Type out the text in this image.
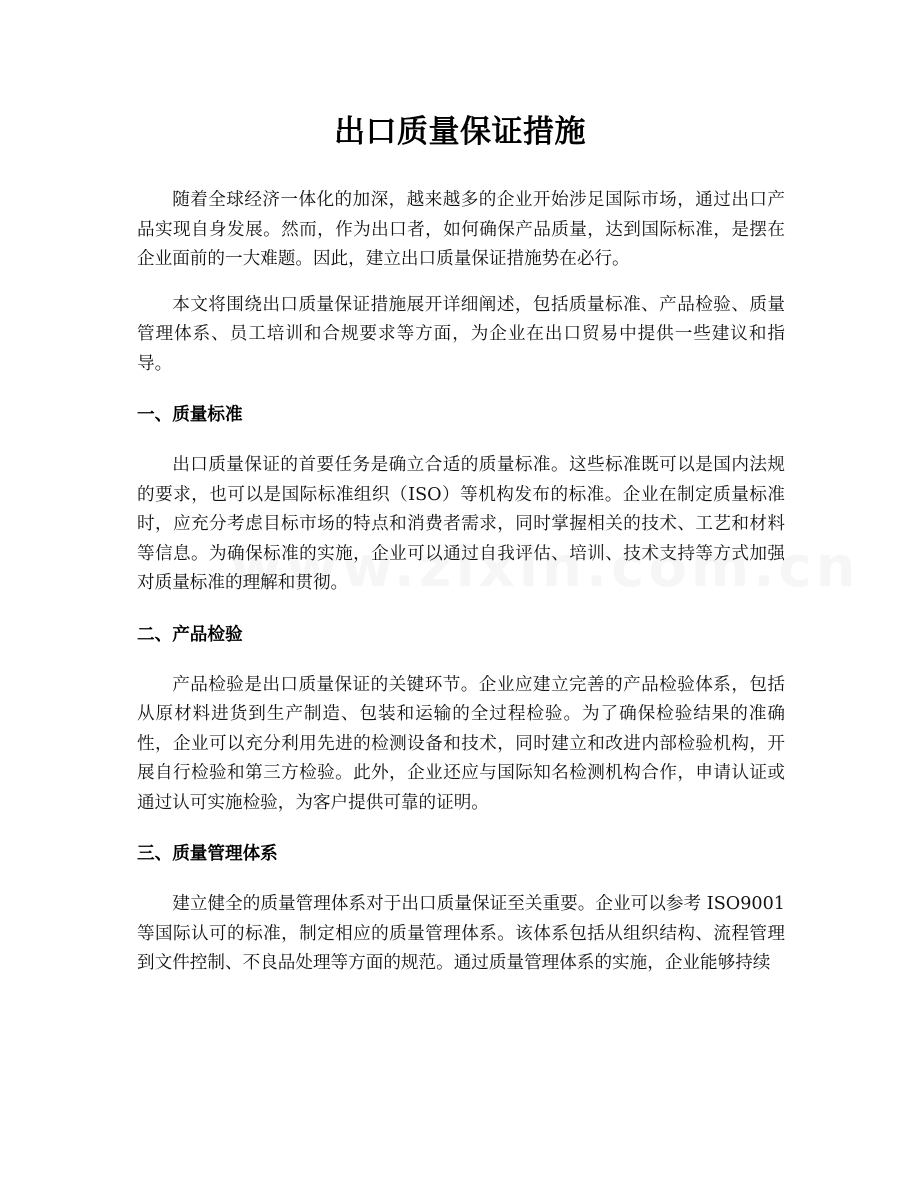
出口质量保证措施

随着全球经济一体化的加深，越来越多的企业开始涉足国际市场，通过出口产品实现自身发展。然而，作为出口者，如何确保产品质量，达到国际标准，是摆在企业面前的一大难题。因此，建立出口质量保证措施势在必行。

本文将围绕出口质量保证措施展开详细阐述，包括质量标准、产品检验、质量管理体系、员工培训和合规要求等方面，为企业在出口贸易中提供一些建议和指导。

一、质量标准

出口质量保证的首要任务是确立合适的质量标准。这些标准既可以是国内法规的要求，也可以是国际标准组织（ISO）等机构发布的标准。企业在制定质量标准时，应充分考虑目标市场的特点和消费者需求，同时掌握相关的技术、工艺和材料等信息。为确保标准的实施，企业可以通过自我评估、培训、技术支持等方式加强对质量标准的理解和贯彻。

二、产品检验

产品检验是出口质量保证的关键环节。企业应建立完善的产品检验体系，包括从原材料进货到生产制造、包装和运输的全过程检验。为了确保检验结果的准确性，企业可以充分利用先进的检测设备和技术，同时建立和改进内部检验机构，开展自行检验和第三方检验。此外，企业还应与国际知名检测机构合作，申请认证或通过认可实施检验，为客户提供可靠的证明。

三、质量管理体系

建立健全的质量管理体系对于出口质量保证至关重要。企业可以参考 ISO9001 等国际认可的标准，制定相应的质量管理体系。该体系包括从组织结构、流程管理到文件控制、不良品处理等方面的规范。通过质量管理体系的实施，企业能够持续
